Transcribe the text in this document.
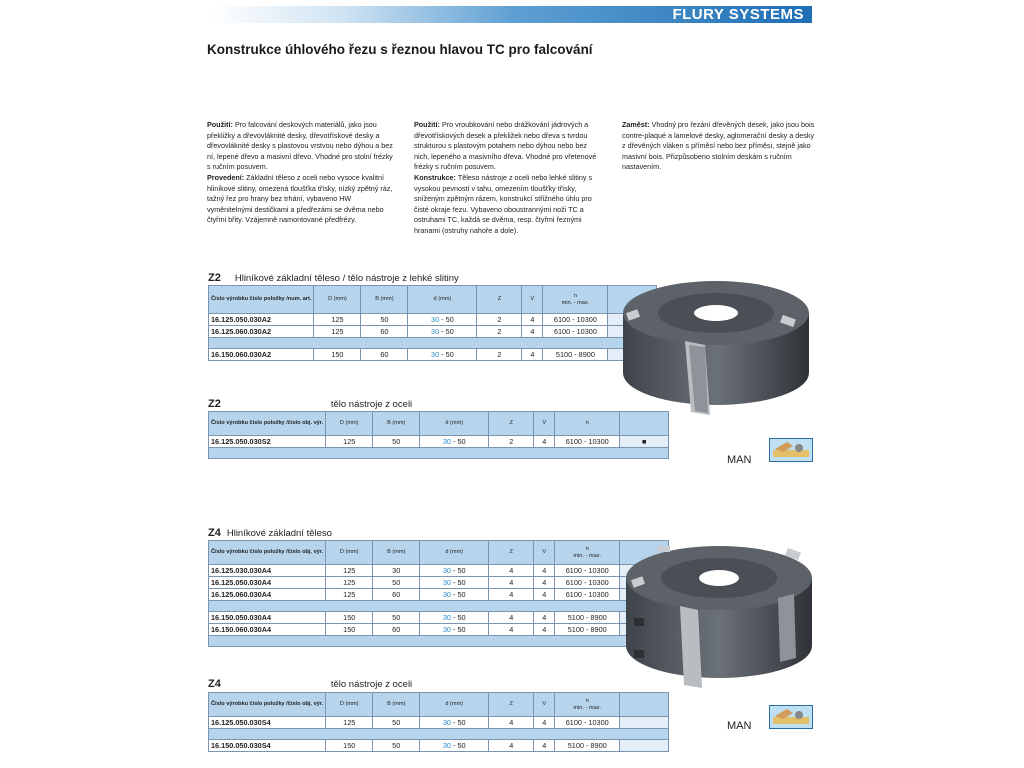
FLURY SYSTEMS
Konstrukce úhlového řezu s řeznou hlavou TC pro falcování

Použití: Pro falcování deskových materiálů, jako jsou překližky a dřevovláknité desky, dřevotřískové desky a dřevovláknité desky s plastovou vrstvou nebo dýhou a bez ní, lepené dřevo a masivní dřevo. Vhodné pro stolní frézky s ručním posuvem.

Provedení: Základní těleso z oceli nebo vysoce kvalitní hliníkové slitiny, omezená tloušťka třísky, nízký zpětný ráz, tažný řez pro hrany bez trhání, vybaveno HW vyměnitelnými destičkami a předřezámi se dvěma nebo čtyřmi břity. Vzájemně namontované předfrézy.

Použití: Pro vroubkování nebo drážkování jádrových a dřevotřískových desek a překližek nebo dřeva s tvrdou strukturou s plastovým potahem nebo dýhou nebo bez nich, lepeného a masivního dřeva. Vhodné pro vřetenové frézky s ručním posuvem.

Konstrukce: Těleso nástroje z oceli nebo lehké slitiny s vysokou pevností v tahu, omezením tloušťky třísky, sníženým zpětným rázem, konstrukcí střižného úhlu pro čisté okraje řezu. Vybaveno oboustrannými noži TC a ostruhami TC, každá se dvěma, resp. čtyřmi řeznými hranami (ostruhy nahoře a dole).

Zaměst: Vhodný pro řezání dřevěných desek, jako jsou bois contre-plaqué a lamelové desky, aglomerační desky a desky z dřevěných vláken s příměsí nebo bez příměsi, stejně jako masivní bois. Přizpůsobeno stolním deskám s ručním nastavením.

Z2 Hliníkové základní těleso / tělo nástroje z lehké slitiny
Číslo výrobku číslo položky /num. art.	D (mm)	B (mm)	d (mm)	Z	V	n
min. - max.	
16.125.050.030A2	125	50	30 - 50	2	4	6100 - 10300	
16.125.060.030A2	125	60	30 - 50	2	4	6100 - 10300	

16.150.060.030A2	150	60	30 - 50	2	4	5100 - 8900	
Z2	tělo nástroje z oceli
Číslo výrobku číslo položky /číslo obj. výr.	D (mm)	B (mm)	d (mm)	Z	V	n	
16.125.050.030S2	125	50	30 - 50	2	4	6100 - 10300	■

Z4 Hliníkové základní těleso
Číslo výrobku číslo položky /číslo obj. výr.	D (mm)	B (mm)	d (mm)	Z	V	n
min. - max.	
16.125.030.030A4	125	30	30 - 50	4	4	6100 - 10300	
16.125.050.030A4	125	50	30 - 50	4	4	6100 - 10300	
16.125.060.030A4	125	60	30 - 50	4	4	6100 - 10300	

16.150.050.030A4	150	50	30 - 50	4	4	5100 - 8900	
16.150.060.030A4	150	60	30 - 50	4	4	5100 - 8900	

Z4	tělo nástroje z oceli
Číslo výrobku číslo položky /číslo obj. výr.	D (mm)	B (mm)	d (mm)	Z	V	n
min. - max.	
16.125.050.030S4	125	50	30 - 50	4	4	6100 - 10300	

16.150.050.030S4	150	50	30 - 50	4	4	5100 - 8900	
MAN
MAN
